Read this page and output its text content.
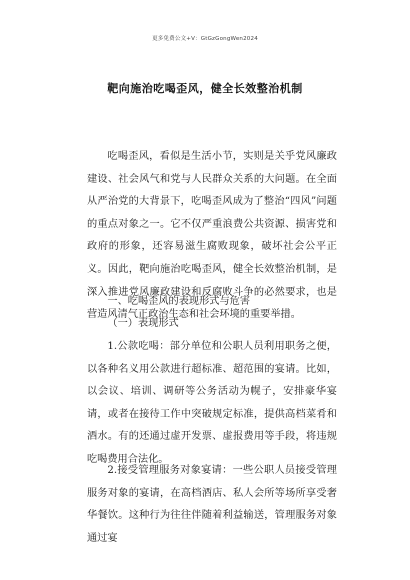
更多免费公文+V：GtGzGongWen2024
靶向施治吃喝歪风，健全长效整治机制

吃喝歪风，看似是生活小节，实则是关乎党风廉政建设、社会风气和党与人民群众关系的大问题。在全面从严治党的大背景下，吃喝歪风成为了整治“四风”问题的重点对象之一。它不仅严重浪费公共资源、损害党和政府的形象，还容易滋生腐败现象，破坏社会公平正义。因此，靶向施治吃喝歪风，健全长效整治机制，是深入推进党风廉政建设和反腐败斗争的必然要求，也是营造风清气正政治生态和社会环境的重要举措。

一、吃喝歪风的表现形式与危害

（一）表现形式

1.公款吃喝：部分单位和公职人员利用职务之便，以各种名义用公款进行超标准、超范围的宴请。比如，以会议、培训、调研等公务活动为幌子，安排豪华宴请，或者在接待工作中突破规定标准，提供高档菜肴和酒水。有的还通过虚开发票、虚报费用等手段，将违规吃喝费用合法化。

2.接受管理服务对象宴请：一些公职人员接受管理服务对象的宴请，在高档酒店、私人会所等场所享受奢华餐饮。这种行为往往伴随着利益输送，管理服务对象通过宴
